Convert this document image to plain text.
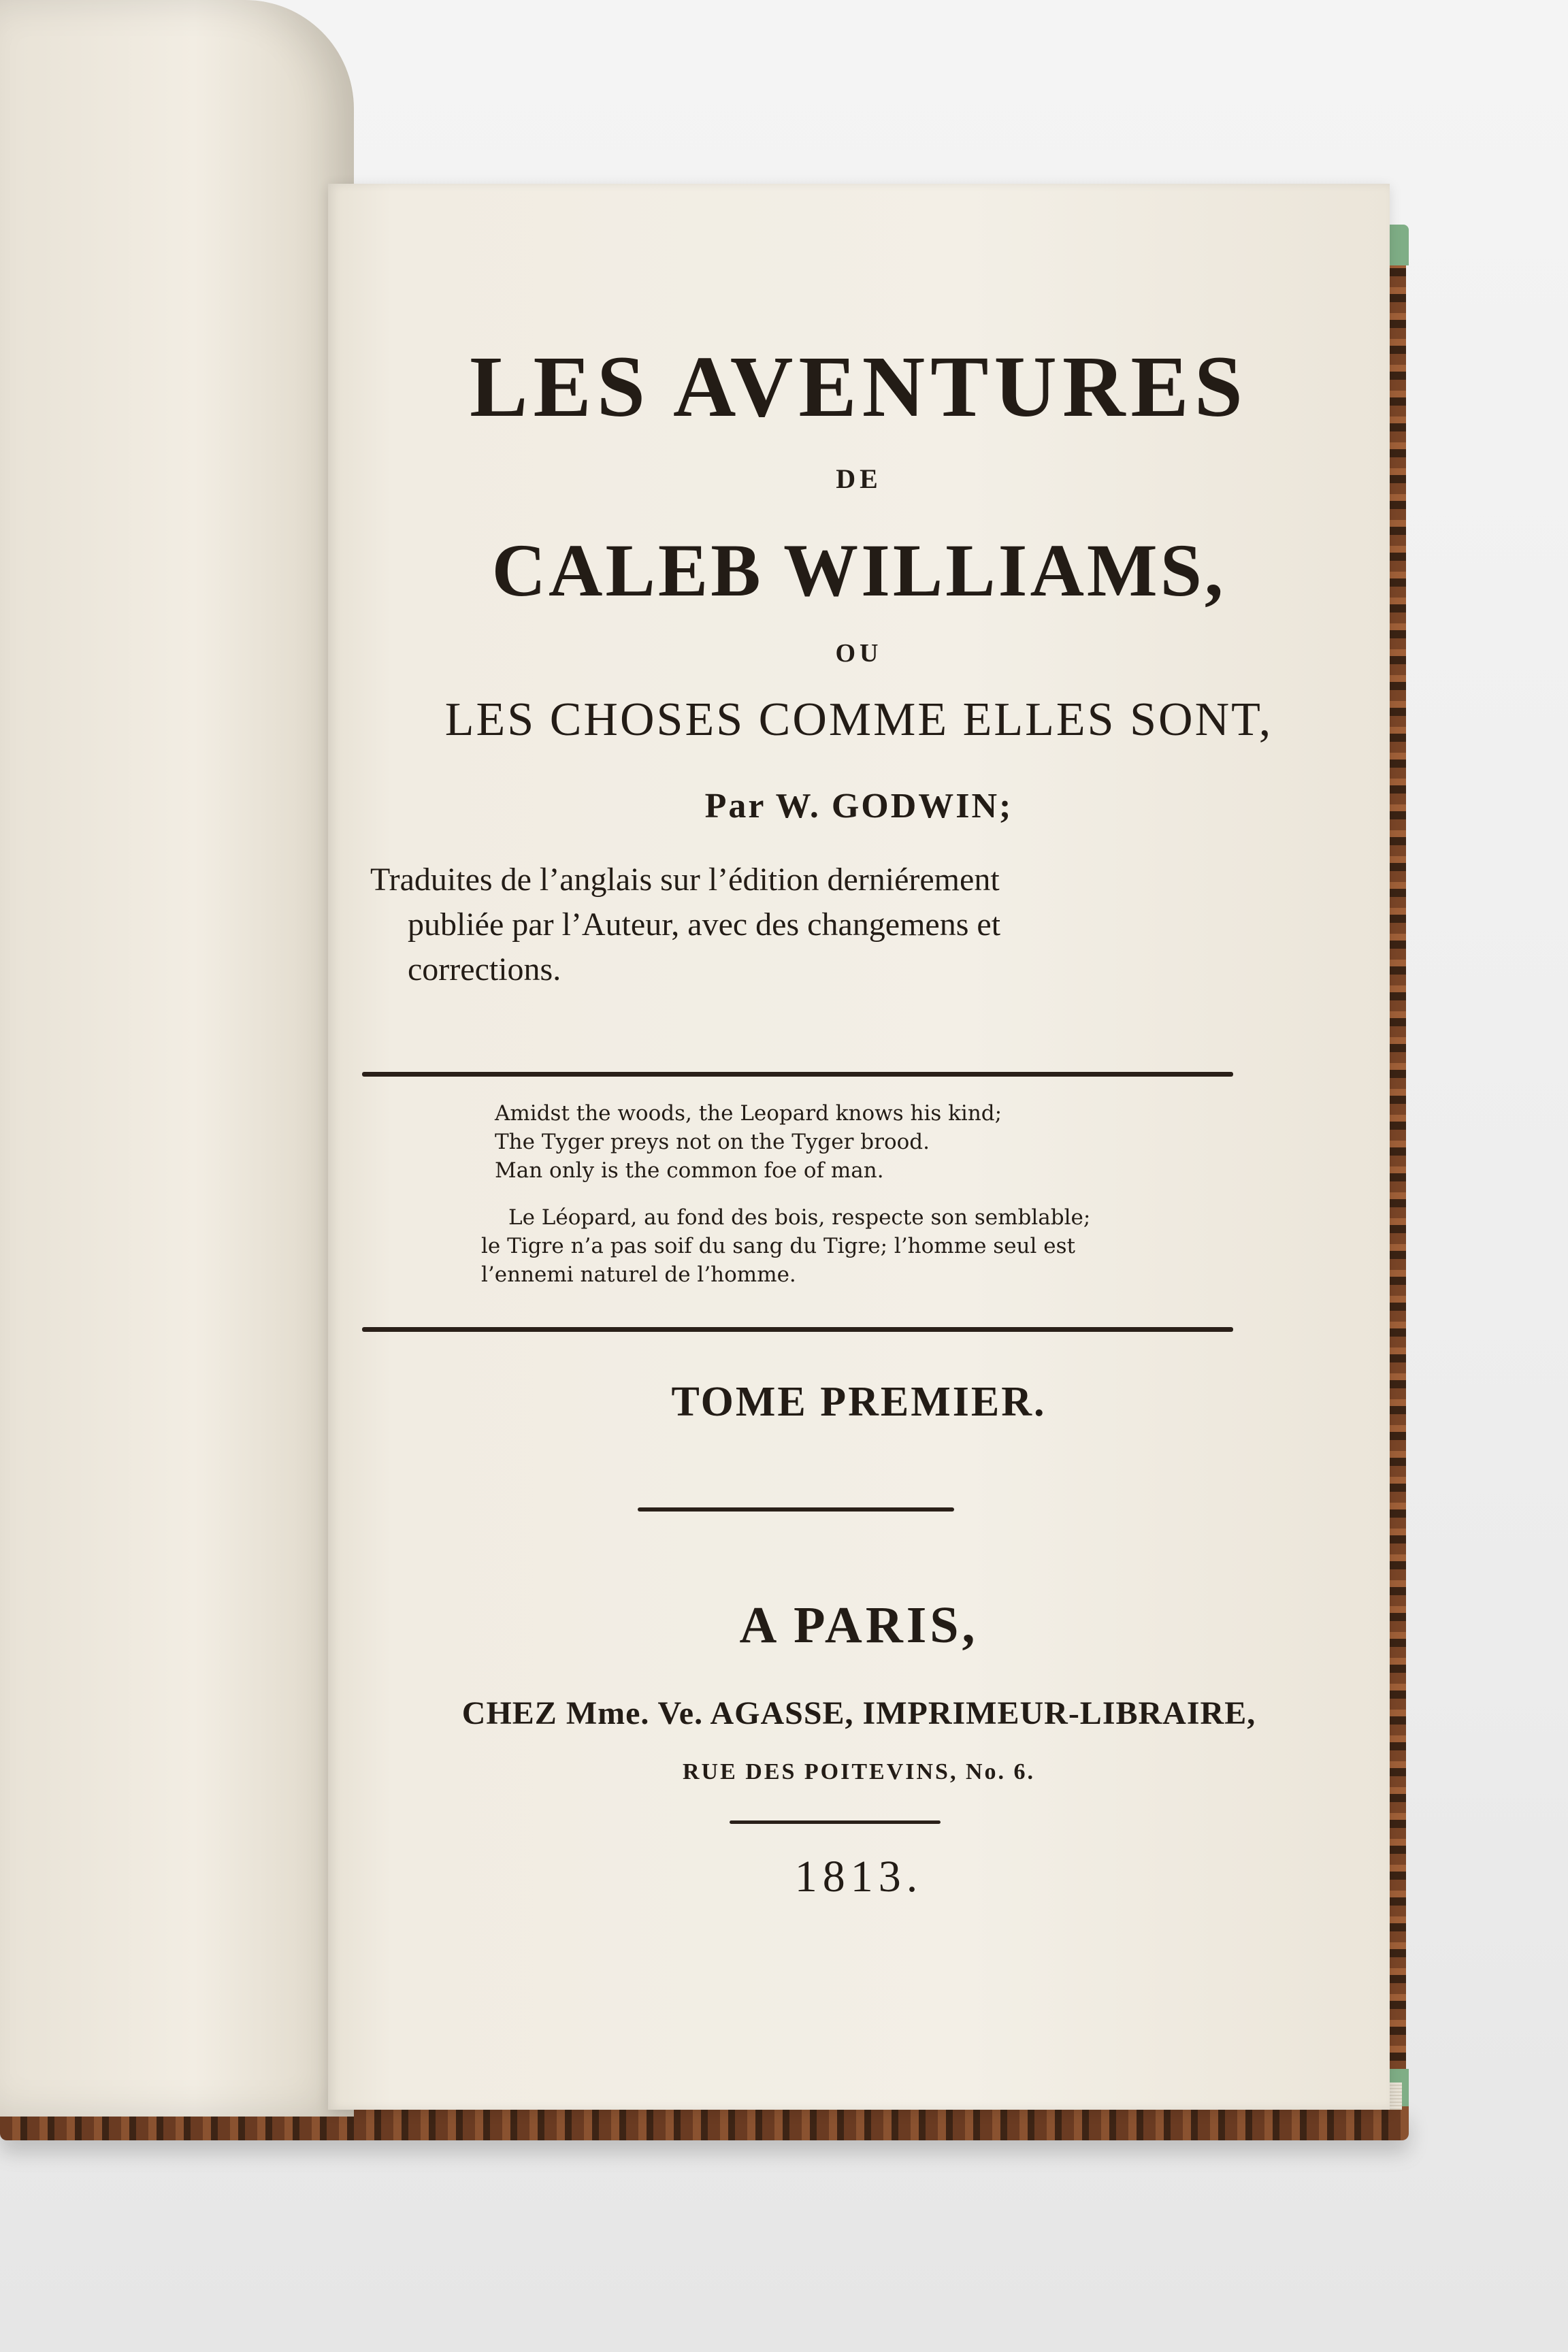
LES AVENTURES
DE
CALEB WILLIAMS,
OU
LES CHOSES COMME ELLES SONT,
Par W. GODWIN;
Traduites de l’anglais sur l’édition derniérement
publiée par l’Auteur, avec des changemens et
corrections.
Amidst the woods, the Leopard knows his kind;
The Tyger preys not on the Tyger brood.
Man only is the common foe of man.
Le Léopard, au fond des bois, respecte son semblable;
le Tigre n’a pas soif du sang du Tigre; l’homme seul est
l’ennemi naturel de l’homme.
TOME PREMIER.
A PARIS,
CHEZ Mme. Ve. AGASSE, IMPRIMEUR-LIBRAIRE,
RUE DES POITEVINS, No. 6.
1813.
